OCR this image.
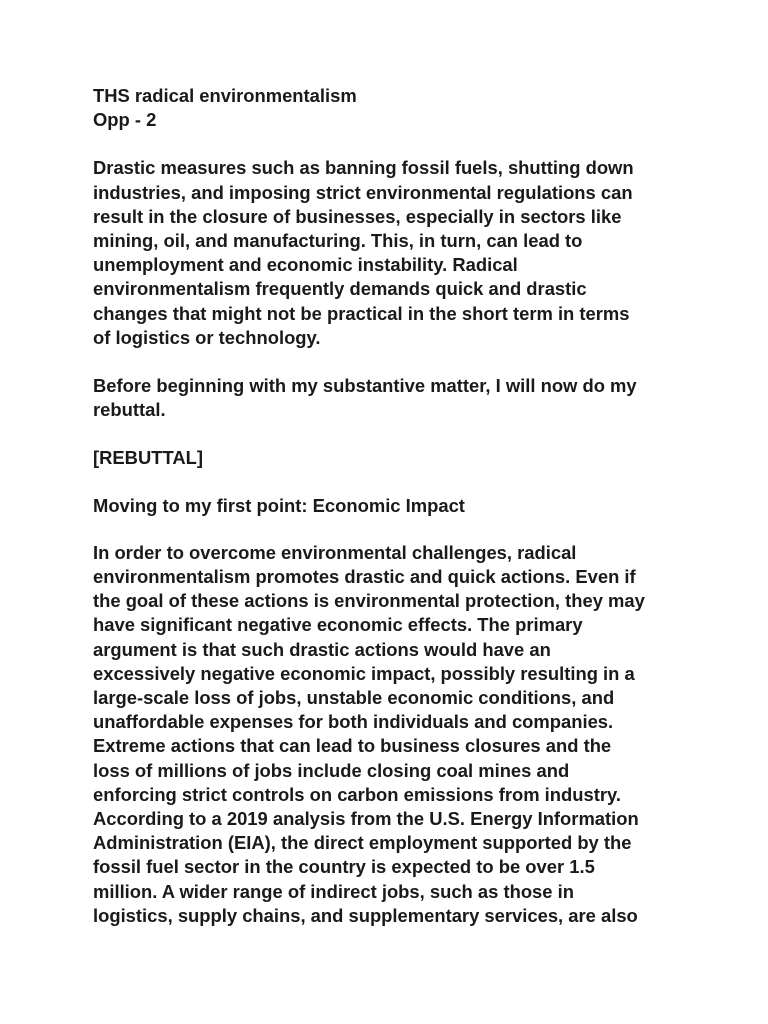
THS radical environmentalism
Opp - 2
Drastic measures such as banning fossil fuels, shutting down
industries, and imposing strict environmental regulations can
result in the closure of businesses, especially in sectors like
mining, oil, and manufacturing. This, in turn, can lead to
unemployment and economic instability. Radical
environmentalism frequently demands quick and drastic
changes that might not be practical in the short term in terms
of logistics or technology.
Before beginning with my substantive matter, I will now do my
rebuttal.
[REBUTTAL]
Moving to my first point: Economic Impact
In order to overcome environmental challenges, radical
environmentalism promotes drastic and quick actions. Even if
the goal of these actions is environmental protection, they may
have significant negative economic effects. The primary
argument is that such drastic actions would have an
excessively negative economic impact, possibly resulting in a
large-scale loss of jobs, unstable economic conditions, and
unaffordable expenses for both individuals and companies.
Extreme actions that can lead to business closures and the
loss of millions of jobs include closing coal mines and
enforcing strict controls on carbon emissions from industry.
According to a 2019 analysis from the U.S. Energy Information
Administration (EIA), the direct employment supported by the
fossil fuel sector in the country is expected to be over 1.5
million. A wider range of indirect jobs, such as those in
logistics, supply chains, and supplementary services, are also
